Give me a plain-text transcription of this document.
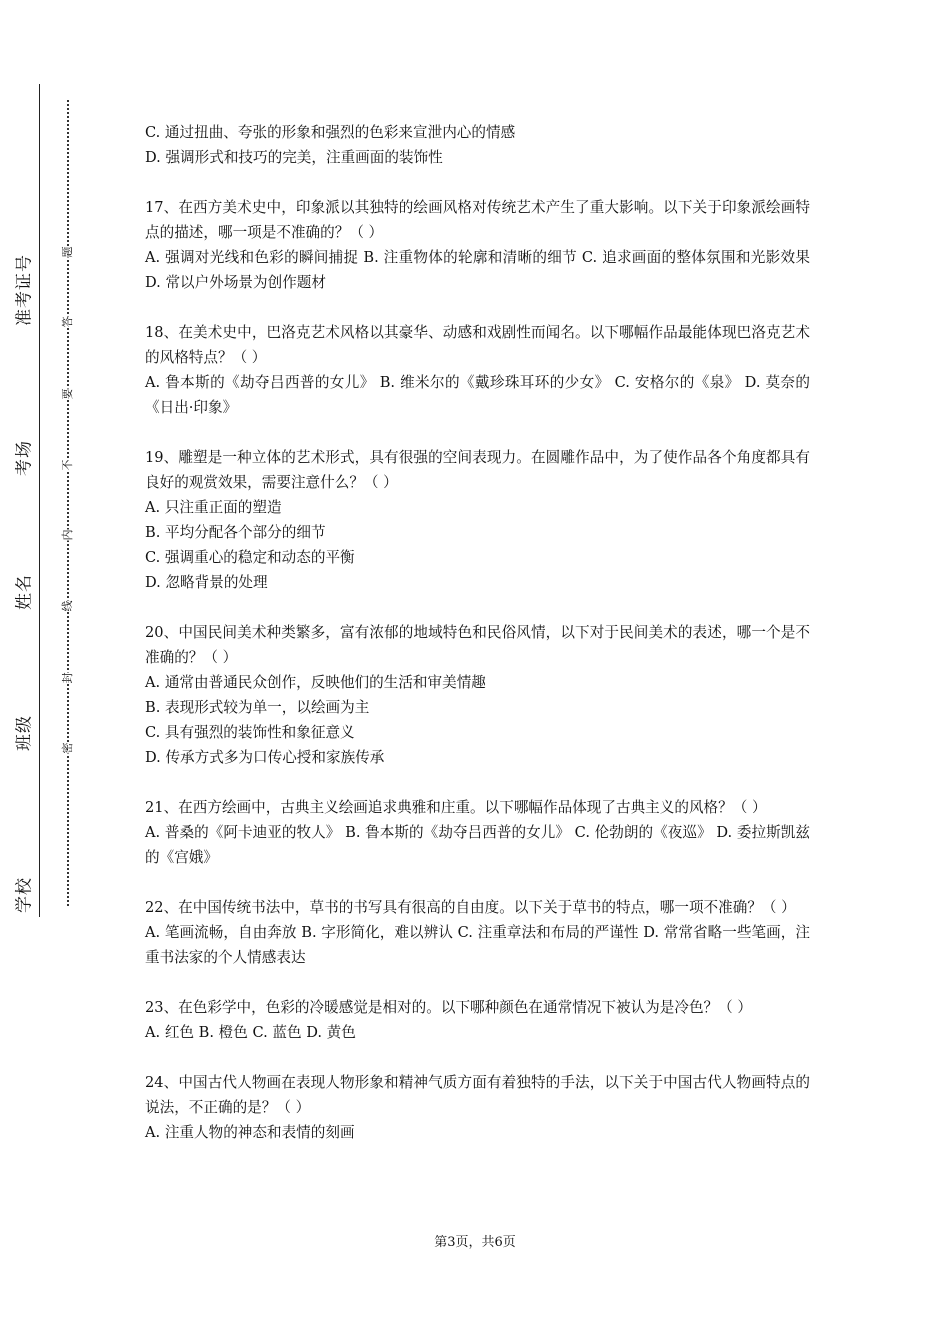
准考证号
考场
姓名
班级
学校
题
答
要
不
内
线
封
密

C. 通过扭曲、夸张的形象和强烈的色彩来宣泄内心的情感

D. 强调形式和技巧的完美，注重画面的装饰性

17、在西方美术史中，印象派以其独特的绘画风格对传统艺术产生了重大影响。以下关于印象派绘画特点的描述，哪一项是不准确的？（ ）

A. 强调对光线和色彩的瞬间捕捉 B. 注重物体的轮廓和清晰的细节 C. 追求画面的整体氛围和光影效果 D. 常以户外场景为创作题材

18、在美术史中，巴洛克艺术风格以其豪华、动感和戏剧性而闻名。以下哪幅作品最能体现巴洛克艺术的风格特点？（ ）

A. 鲁本斯的《劫夺吕西普的女儿》 B. 维米尔的《戴珍珠耳环的少女》 C. 安格尔的《泉》 D. 莫奈的《日出·印象》

19、雕塑是一种立体的艺术形式，具有很强的空间表现力。在圆雕作品中，为了使作品各个角度都具有良好的观赏效果，需要注意什么？（ ）

A. 只注重正面的塑造

B. 平均分配各个部分的细节

C. 强调重心的稳定和动态的平衡

D. 忽略背景的处理

20、中国民间美术种类繁多，富有浓郁的地域特色和民俗风情，以下对于民间美术的表述，哪一个是不准确的？（ ）

A. 通常由普通民众创作，反映他们的生活和审美情趣

B. 表现形式较为单一，以绘画为主

C. 具有强烈的装饰性和象征意义

D. 传承方式多为口传心授和家族传承

21、在西方绘画中，古典主义绘画追求典雅和庄重。以下哪幅作品体现了古典主义的风格？（ ）

A. 普桑的《阿卡迪亚的牧人》 B. 鲁本斯的《劫夺吕西普的女儿》 C. 伦勃朗的《夜巡》 D. 委拉斯凯兹的《宫娥》

22、在中国传统书法中，草书的书写具有很高的自由度。以下关于草书的特点，哪一项不准确？（ ）

A. 笔画流畅，自由奔放 B. 字形简化，难以辨认 C. 注重章法和布局的严谨性 D. 常常省略一些笔画，注重书法家的个人情感表达

23、在色彩学中，色彩的冷暖感觉是相对的。以下哪种颜色在通常情况下被认为是冷色？（ ）

A. 红色 B. 橙色 C. 蓝色 D. 黄色

24、中国古代人物画在表现人物形象和精神气质方面有着独特的手法，以下关于中国古代人物画特点的说法，不正确的是？（ ）

A. 注重人物的神态和表情的刻画

第3页，共6页
